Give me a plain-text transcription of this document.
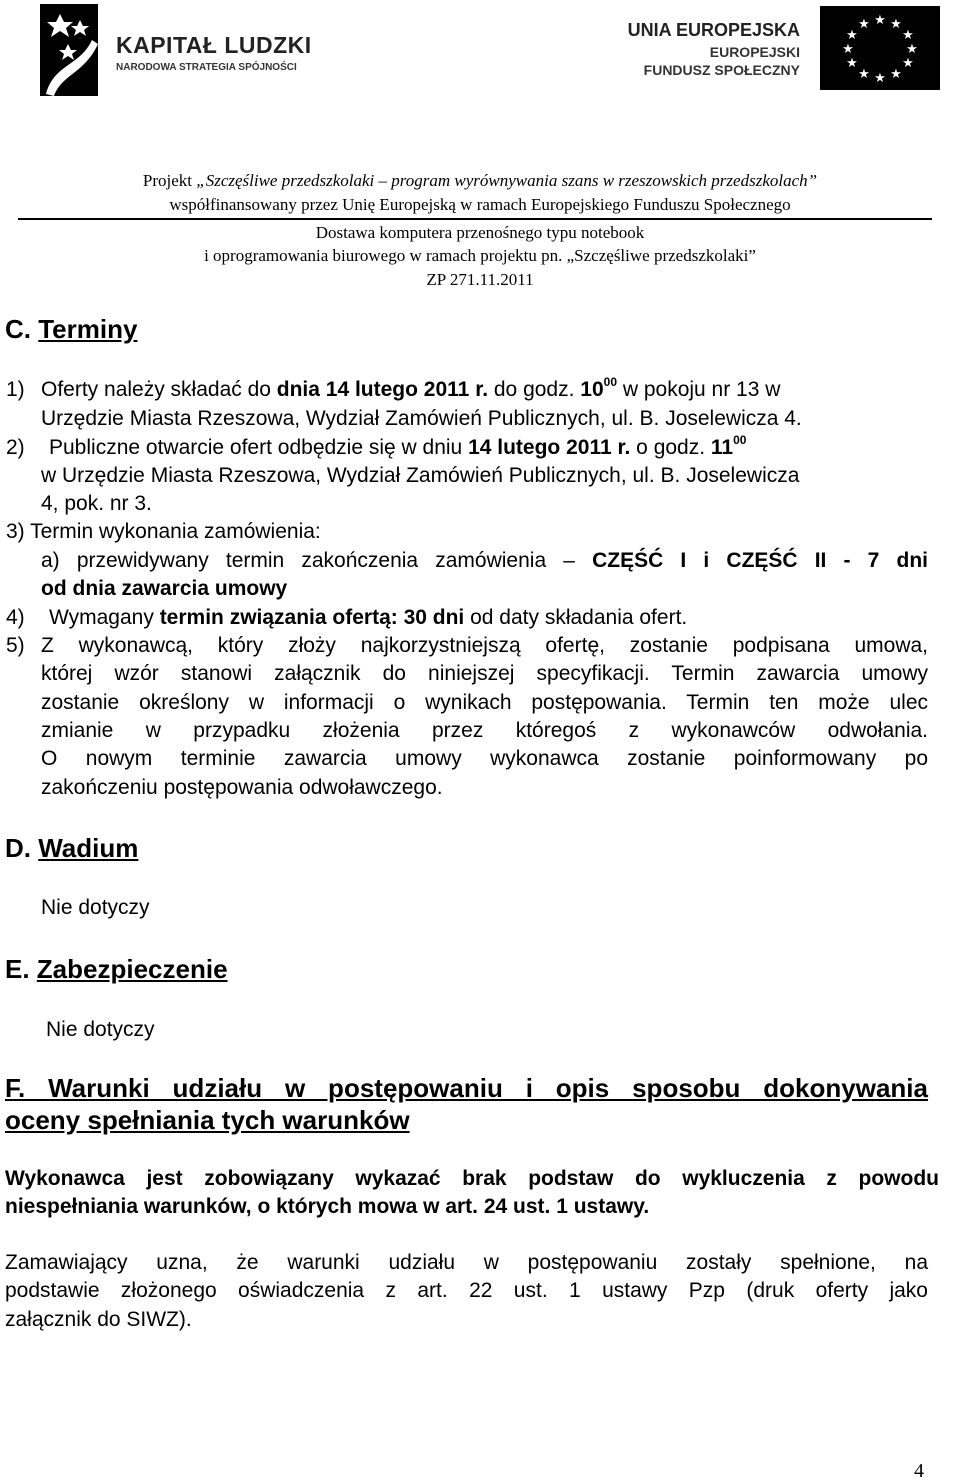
KAPITAŁ LUDZKI
NARODOWA STRATEGIA SPÓJNOŚCI
UNIA EUROPEJSKA
EUROPEJSKI
FUNDUSZ SPOŁECZNY
★ ★
★
★
★
★
★
★
★
★
★
★
Projekt „Szczęśliwe przedszkolaki – program wyrównywania szans w rzeszowskich przedszkolach”
współfinansowany przez Unię Europejską w ramach Europejskiego Funduszu Społecznego
Dostawa komputera przenośnego typu notebook
i oprogramowania biurowego w ramach projektu pn. „Szczęśliwe przedszkolaki”
ZP 271.11.2011
C. Terminy
1) Oferty należy składać do dnia 14 lutego 2011 r. do godz. $10^{00}$ w pokoju nr 13 w
Urzędzie Miasta Rzeszowa, Wydział Zamówień Publicznych, ul. B. Joselewicza 4.
2) Publiczne otwarcie ofert odbędzie się w dniu 14 lutego 2011 r. o godz. $11^{00}$
w Urzędzie Miasta Rzeszowa, Wydział Zamówień Publicznych, ul. B. Joselewicza
4, pok. nr 3.
3) Termin wykonania zamówienia:
a) przewidywany termin zakończenia zamówienia – CZĘŚĆ I i CZĘŚĆ II - 7 dni
od dnia zawarcia umowy
4) Wymagany termin związania ofertą: 30 dni od daty składania ofert.
5) Z wykonawcą, który złoży najkorzystniejszą ofertę, zostanie podpisana umowa,
której wzór stanowi załącznik do niniejszej specyfikacji. Termin zawarcia umowy
zostanie określony w informacji o wynikach postępowania. Termin ten może ulec
zmianie w przypadku złożenia przez któregoś z wykonawców odwołania.
O nowym terminie zawarcia umowy wykonawca zostanie poinformowany po
zakończeniu postępowania odwoławczego.
D. Wadium
Nie dotyczy
E. Zabezpieczenie
Nie dotyczy
F. Warunki udziału w postępowaniu i opis sposobu dokonywania
oceny spełniania tych warunków
Wykonawca jest zobowiązany wykazać brak podstaw do wykluczenia z powodu
niespełniania warunków, o których mowa w art. 24 ust. 1 ustawy.
Zamawiający uzna, że warunki udziału w postępowaniu zostały spełnione, na
podstawie złożonego oświadczenia z art. 22 ust. 1 ustawy Pzp (druk oferty jako
załącznik do SIWZ).
4
